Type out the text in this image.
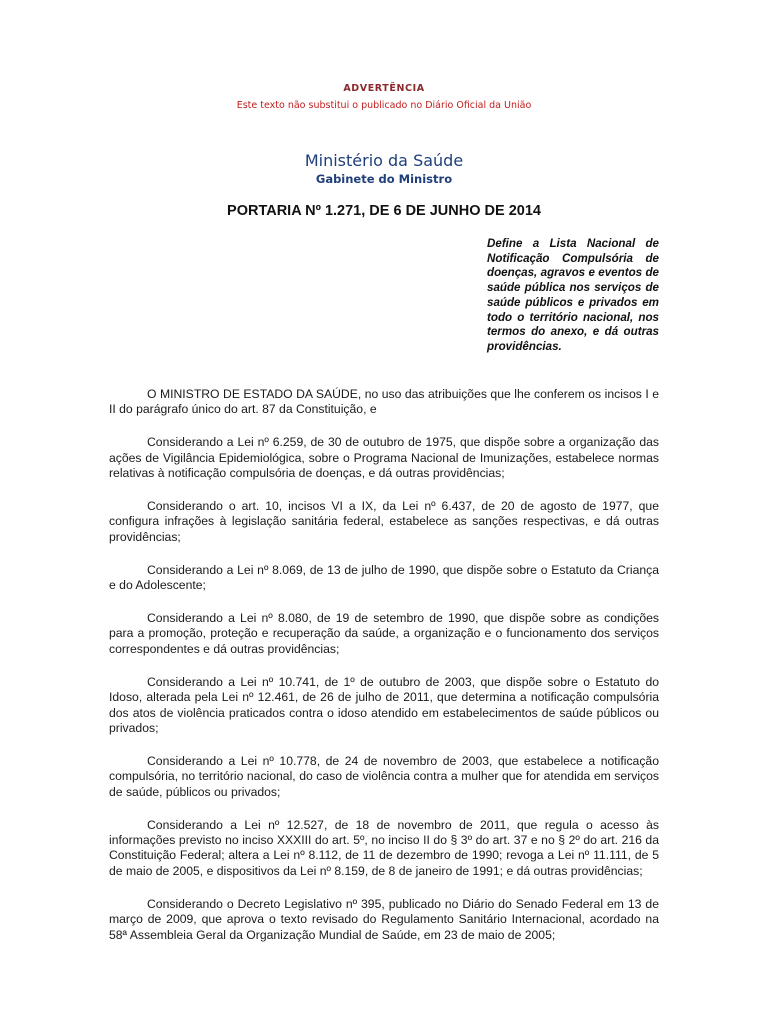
ADVERTÊNCIA
Este texto não substitui o publicado no Diário Oficial da União
Ministério da Saúde
Gabinete do Ministro
PORTARIA Nº 1.271, DE 6 DE JUNHO DE 2014
Define a Lista Nacional de Notificação Compulsória de doenças, agravos e eventos de saúde pública nos serviços de saúde públicos e privados em todo o território nacional, nos termos do anexo, e dá outras providências.

O MINISTRO DE ESTADO DA SAÚDE, no uso das atribuições que lhe conferem os incisos I e II do parágrafo único do art. 87 da Constituição, e

Considerando a Lei nº 6.259, de 30 de outubro de 1975, que dispõe sobre a organização das ações de Vigilância Epidemiológica, sobre o Programa Nacional de Imunizações, estabelece normas relativas à notificação compulsória de doenças, e dá outras providências;

Considerando o art. 10, incisos VI a IX, da Lei nº 6.437, de 20 de agosto de 1977, que configura infrações à legislação sanitária federal, estabelece as sanções respectivas, e dá outras providências;

Considerando a Lei nº 8.069, de 13 de julho de 1990, que dispõe sobre o Estatuto da Criança e do Adolescente;

Considerando a Lei nº 8.080, de 19 de setembro de 1990, que dispõe sobre as condições para a promoção, proteção e recuperação da saúde, a organização e o funcionamento dos serviços correspondentes e dá outras providências;

Considerando a Lei nº 10.741, de 1º de outubro de 2003, que dispõe sobre o Estatuto do Idoso, alterada pela Lei nº 12.461, de 26 de julho de 2011, que determina a notificação compulsória dos atos de violência praticados contra o idoso atendido em estabelecimentos de saúde públicos ou privados;

Considerando a Lei nº 10.778, de 24 de novembro de 2003, que estabelece a notificação compulsória, no território nacional, do caso de violência contra a mulher que for atendida em serviços de saúde, públicos ou privados;

Considerando a Lei nº 12.527, de 18 de novembro de 2011, que regula o acesso às informações previsto no inciso XXXIII do art. 5º, no inciso II do § 3º do art. 37 e no § 2º do art. 216 da Constituição Federal; altera a Lei nº 8.112, de 11 de dezembro de 1990; revoga a Lei nº 11.111, de 5 de maio de 2005, e dispositivos da Lei nº 8.159, de 8 de janeiro de 1991; e dá outras providências;

Considerando o Decreto Legislativo nº 395, publicado no Diário do Senado Federal em 13 de março de 2009, que aprova o texto revisado do Regulamento Sanitário Internacional, acordado na 58ª Assembleia Geral da Organização Mundial de Saúde, em 23 de maio de 2005;
